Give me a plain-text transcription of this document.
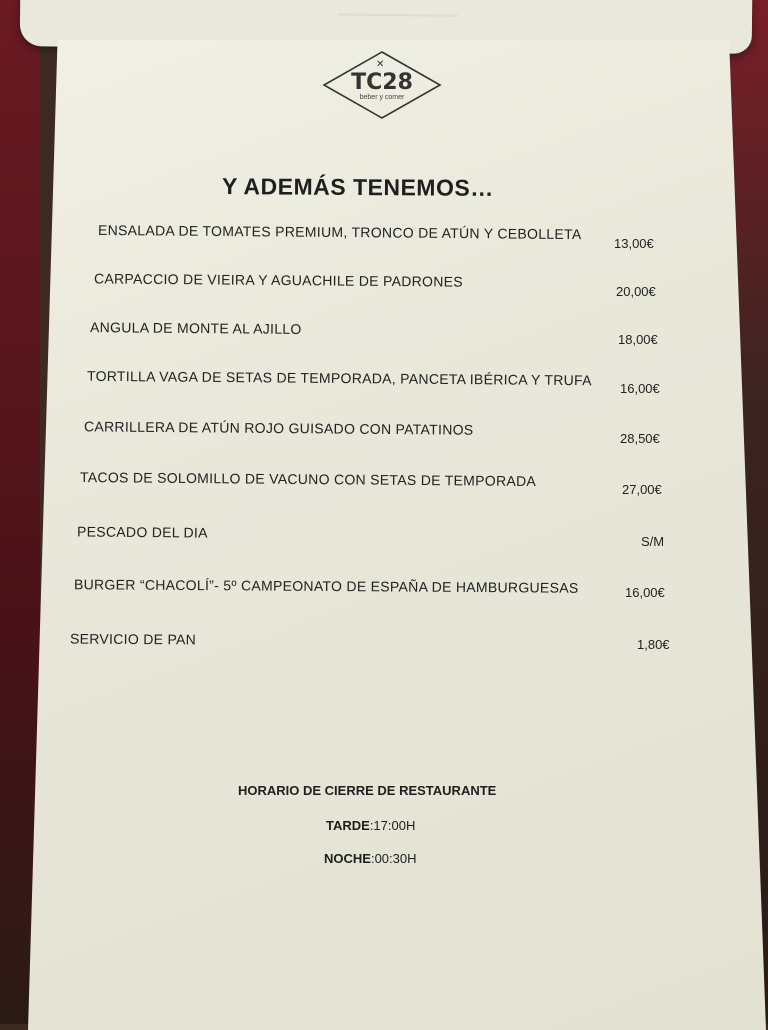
✕
TC28
beber y comer
Y ADEMÁS TENEMOS…
ENSALADA DE TOMATES PREMIUM, TRONCO DE ATÚN Y CEBOLLETA
13,00€
CARPACCIO DE VIEIRA Y AGUACHILE DE PADRONES
20,00€
ANGULA DE MONTE AL AJILLO
18,00€
TORTILLA VAGA DE SETAS DE TEMPORADA, PANCETA IBÉRICA Y TRUFA
16,00€
CARRILLERA DE ATÚN ROJO GUISADO CON PATATINOS
28,50€
TACOS DE SOLOMILLO DE VACUNO CON SETAS DE TEMPORADA
27,00€
PESCADO DEL DIA
S/M
BURGER “CHACOLÍ”- 5º CAMPEONATO DE ESPAÑA DE HAMBURGUESAS	16,00€
SERVICIO DE PAN	1,80€
HORARIO DE CIERRE DE RESTAURANTE
TARDE:17:00H
NOCHE:00:30H
